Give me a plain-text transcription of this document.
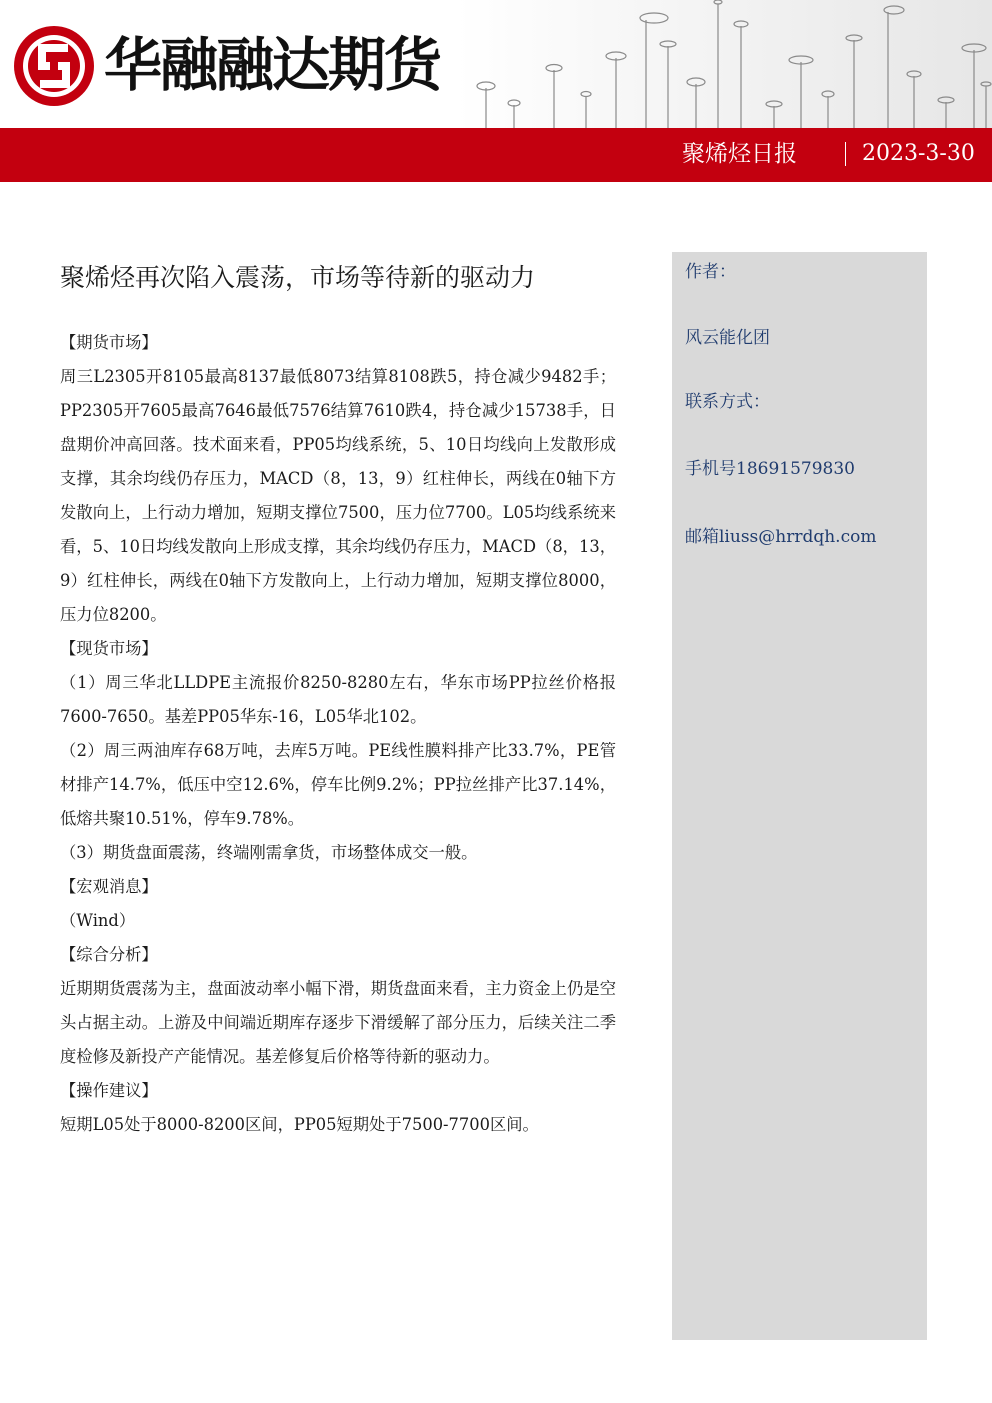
华融融达期货
聚烯烃日报	2023-3-30
聚烯烃再次陷入震荡，市场等待新的驱动力

【期货市场】

周三L2305开8105最高8137最低8073结算8108跌5，持仓减少9482手；PP2305开7605最高7646最低7576结算7610跌4，持仓减少15738手，日盘期价冲高回落。技术面来看，PP05均线系统，5、10日均线向上发散形成支撑，其余均线仍存压力，MACD（8，13，9）红柱伸长，两线在0轴下方发散向上，上行动力增加，短期支撑位7500，压力位7700。L05均线系统来看，5、10日均线发散向上形成支撑，其余均线仍存压力，MACD（8，13，9）红柱伸长，两线在0轴下方发散向上，上行动力增加，短期支撑位8000，压力位8200。

【现货市场】

（1）周三华北LLDPE主流报价8250-8280左右，华东市场PP拉丝价格报7600-7650。基差PP05华东-16，L05华北102。

（2）周三两油库存68万吨，去库5万吨。PE线性膜料排产比33.7%，PE管材排产14.7%，低压中空12.6%，停车比例9.2%；PP拉丝排产比37.14%，低熔共聚10.51%，停车9.78%。

（3）期货盘面震荡，终端刚需拿货，市场整体成交一般。

【宏观消息】

（Wind）

【综合分析】

近期期货震荡为主，盘面波动率小幅下滑，期货盘面来看，主力资金上仍是空头占据主动。上游及中间端近期库存逐步下滑缓解了部分压力，后续关注二季度检修及新投产产能情况。基差修复后价格等待新的驱动力。

【操作建议】

短期L05处于8000-8200区间，PP05短期处于7500-7700区间。

作者：
风云能化团
联系方式：
手机号18691579830
邮箱liuss@hrrdqh.com
